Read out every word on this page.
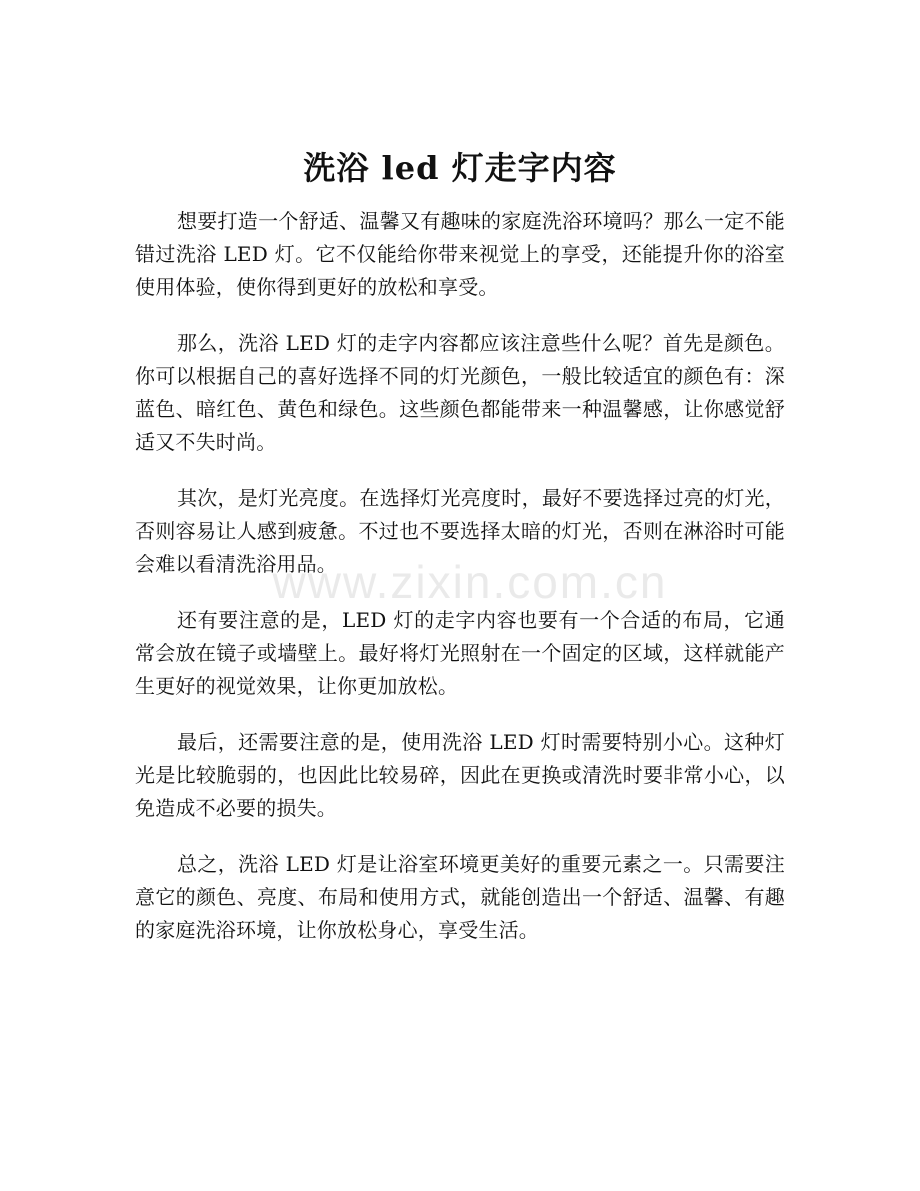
洗浴 led 灯走字内容

想要打造一个舒适、温馨又有趣味的家庭洗浴环境吗？那么一定不能错过洗浴 LED 灯。它不仅能给你带来视觉上的享受，还能提升你的浴室使用体验，使你得到更好的放松和享受。

那么，洗浴 LED 灯的走字内容都应该注意些什么呢？首先是颜色。你可以根据自己的喜好选择不同的灯光颜色，一般比较适宜的颜色有：深蓝色、暗红色、黄色和绿色。这些颜色都能带来一种温馨感，让你感觉舒适又不失时尚。

其次，是灯光亮度。在选择灯光亮度时，最好不要选择过亮的灯光，否则容易让人感到疲惫。不过也不要选择太暗的灯光，否则在淋浴时可能会难以看清洗浴用品。

还有要注意的是，LED 灯的走字内容也要有一个合适的布局，它通常会放在镜子或墙壁上。最好将灯光照射在一个固定的区域，这样就能产生更好的视觉效果，让你更加放松。

最后，还需要注意的是，使用洗浴 LED 灯时需要特别小心。这种灯光是比较脆弱的，也因此比较易碎，因此在更换或清洗时要非常小心，以免造成不必要的损失。

总之，洗浴 LED 灯是让浴室环境更美好的重要元素之一。只需要注意它的颜色、亮度、布局和使用方式，就能创造出一个舒适、温馨、有趣的家庭洗浴环境，让你放松身心，享受生活。

www.zixin.com.cn
